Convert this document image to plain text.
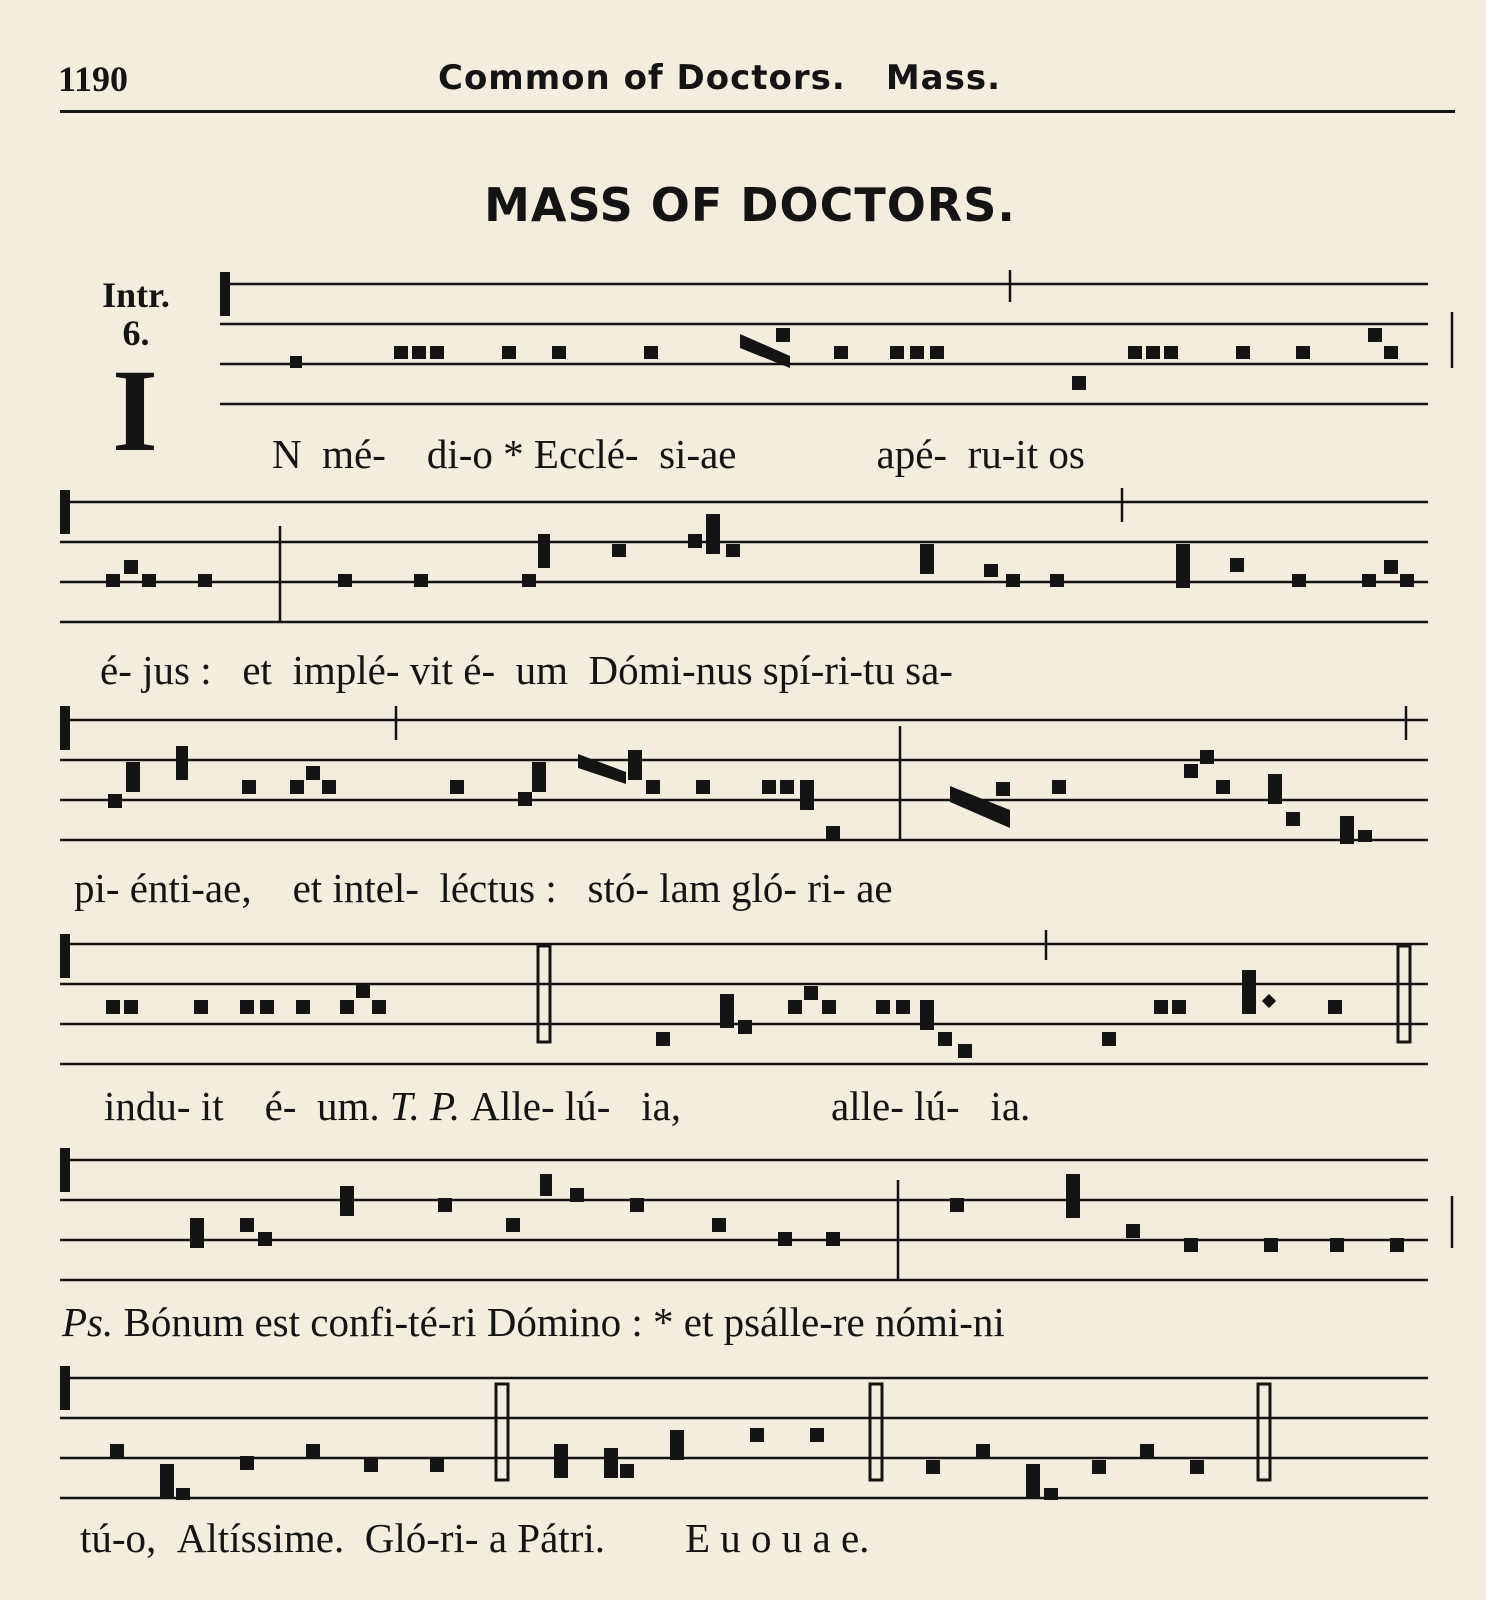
1190	Common of Doctors. Mass.
MASS OF DOCTORS.
Intr.
6.
I	N mé- di-o * Ecclé- si-ae	apé- ru-it os
é- jus : et implé- vit é- um Dómi-nus spí-ri-tu sa-
pi- énti-ae, et intel- léctus : stó- lam gló- ri- ae
indu- it é- um. T. P. Alle- lú- ia,	alle- lú- ia.
Ps. Bónum est confi-té-ri Dómino : * et psálle-re nómi-ni
tú-o, Altíssime. Gló-ri- a Pátri. E u o u a e.
